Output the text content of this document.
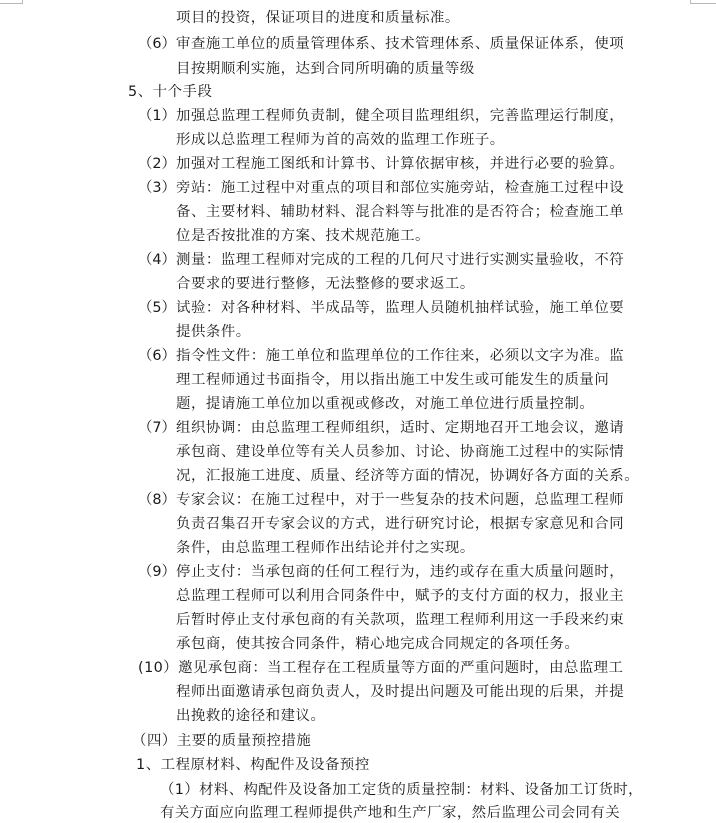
项目的投资，保证项目的进度和质量标准。
（6） 审查施工单位的质量管理体系、技术管理体系、质量保证体系，使项
目按期顺利实施，达到合同所明确的质量等级
5、十个手段
（1） 加强总监理工程师负责制，健全项目监理组织，完善监理运行制度，
形成以总监理工程师为首的高效的监理工作班子。
（2） 加强对工程施工图纸和计算书、计算依据审核，并进行必要的验算。
（3） 旁站：施工过程中对重点的项目和部位实施旁站，检查施工过程中设
备、主要材料、辅助材料、混合料等与批准的是否符合；检查施工单
位是否按批准的方案、技术规范施工。
（4） 测量：监理工程师对完成的工程的几何尺寸进行实测实量验收，不符
合要求的要进行整修，无法整修的要求返工。
（5） 试验：对各种材料、半成品等，监理人员随机抽样试验，施工单位要
提供条件。
（6） 指令性文件：施工单位和监理单位的工作往来，必须以文字为准。监
理工程师通过书面指令，用以指出施工中发生或可能发生的质量问
题，提请施工单位加以重视或修改，对施工单位进行质量控制。
（7） 组织协调：由总监理工程师组织，适时、定期地召开工地会议，邀请
承包商、建设单位等有关人员参加、讨论、协商施工过程中的实际情
况，汇报施工进度、质量、经济等方面的情况，协调好各方面的关系。
（8） 专家会议：在施工过程中，对于一些复杂的技术问题，总监理工程师
负责召集召开专家会议的方式，进行研究讨论，根据专家意见和合同
条件，由总监理工程师作出结论并付之实现。
（9） 停止支付：当承包商的任何工程行为，违约或存在重大质量问题时，
总监理工程师可以利用合同条件中，赋予的支付方面的权力，报业主
后暂时停止支付承包商的有关款项，监理工程师利用这一手段来约束
承包商，使其按合同条件，精心地完成合同规定的各项任务。
(10）邀见承包商：当工程存在工程质量等方面的严重问题时，由总监理工
程师出面邀请承包商负责人，及时提出问题及可能出现的后果，并提
出挽救的途径和建议。
（四）主要的质量预控措施
1、工程原材料、构配件及设备预控
（1）材料、构配件及设备加工定货的质量控制：材料、设备加工订货时，
有关方面应向监理工程师提供产地和生产厂家，然后监理公司会同有关
